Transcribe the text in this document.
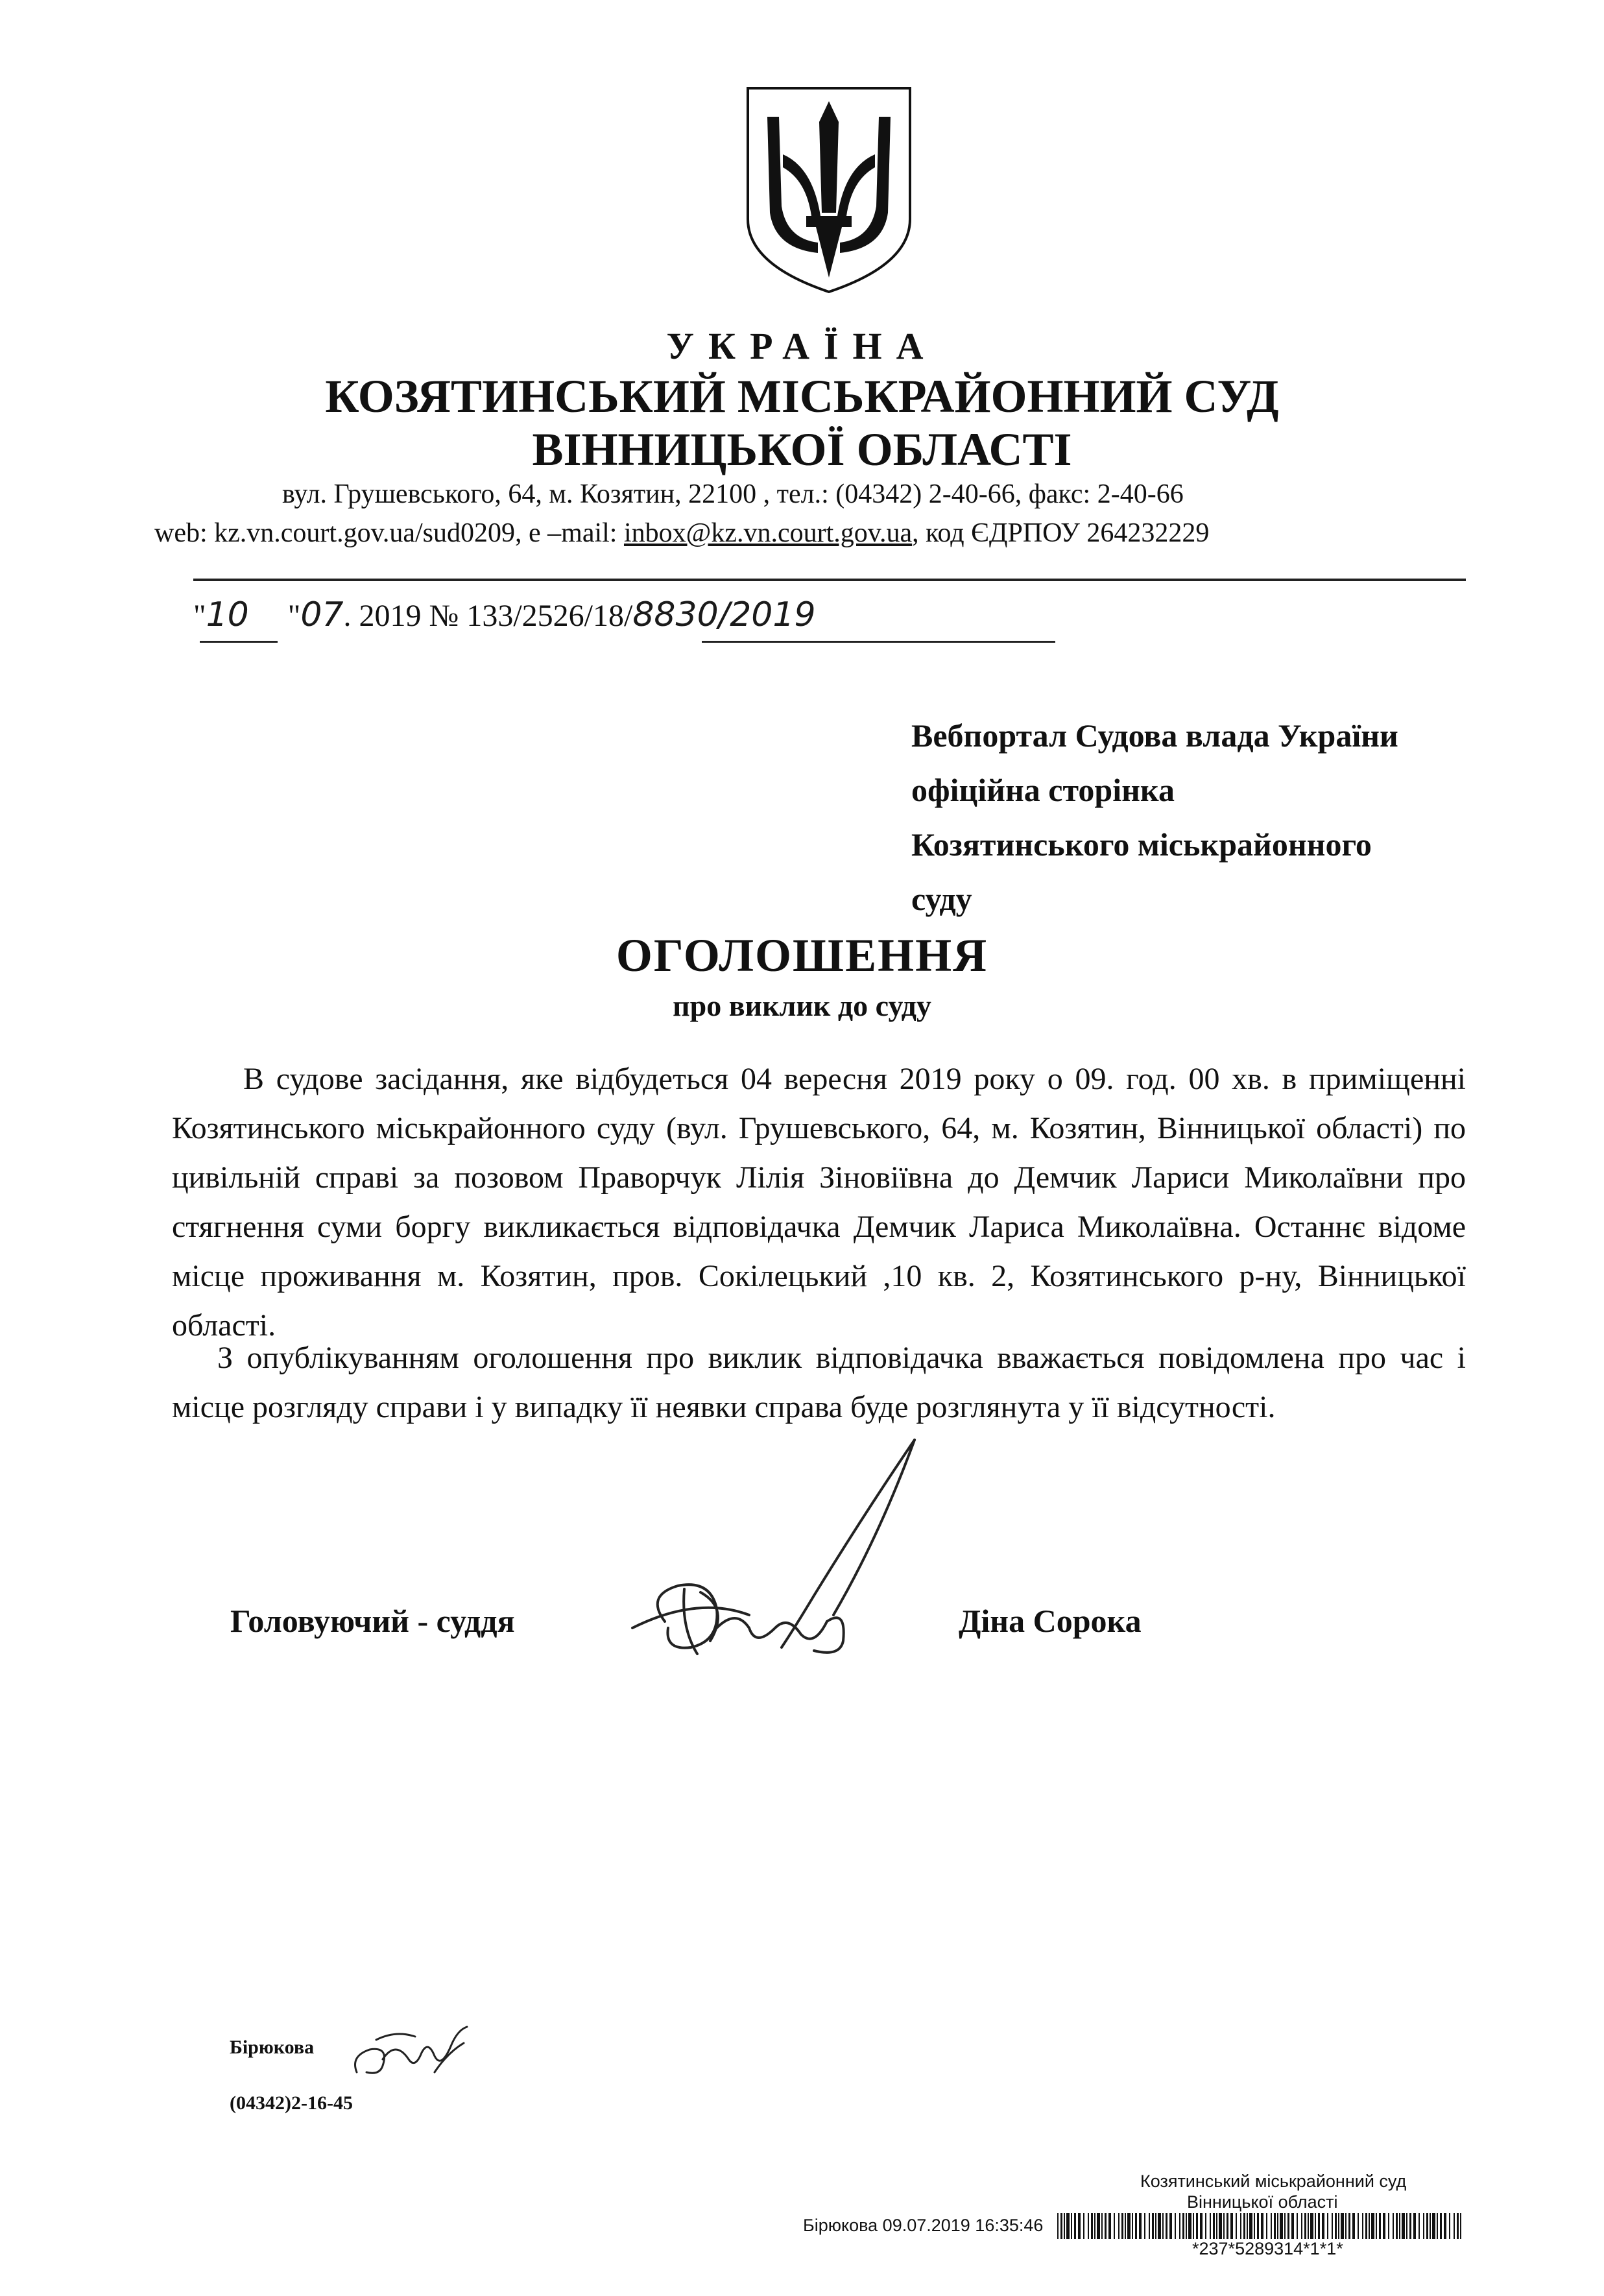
УКРАЇНА
КОЗЯТИНСЬКИЙ МІСЬКРАЙОННИЙ СУД
ВІННИЦЬКОЇ ОБЛАСТІ
вул. Грушевського, 64, м. Козятин, 22100 , тел.: (04342) 2-40-66, факс: 2-40-66
web: kz.vn.court.gov.ua/sud0209, e –mail: inbox@kz.vn.court.gov.ua, код ЄДРПОУ 264232229
"10 "07. 2019 № 133/2526/18/8830/2019
Вебпортал Судова влада України
офіційна сторінка
Козятинського міськрайонного
суду
ОГОЛОШЕННЯ
про виклик до суду
В судове засідання, яке відбудеться 04 вересня 2019 року о 09. год. 00 хв. в приміщенні Козятинського міськрайонного суду (вул. Грушевського, 64, м. Козятин, Вінницької області) по цивільній справі за позовом Праворчук Лілія Зіновіївна до Демчик Лариси Миколаївни про стягнення суми боргу викликається відповідачка Демчик Лариса Миколаївна. Останнє відоме місце проживання м. Козятин, пров. Сокілецький ,10 кв. 2, Козятинського р-ну, Вінницької області.
З опублікуванням оголошення про виклик відповідачка вважається повідомлена про час і місце розгляду справи і у випадку її неявки справа буде розглянута у її відсутності.
Головуючий - суддя	Діна Сорока
Бірюкова
(04342)2-16-45
Козятинський міськрайонний суд
Вінницької області
Бірюкова 09.07.2019 16:35:46
*237*5289314*1*1*
